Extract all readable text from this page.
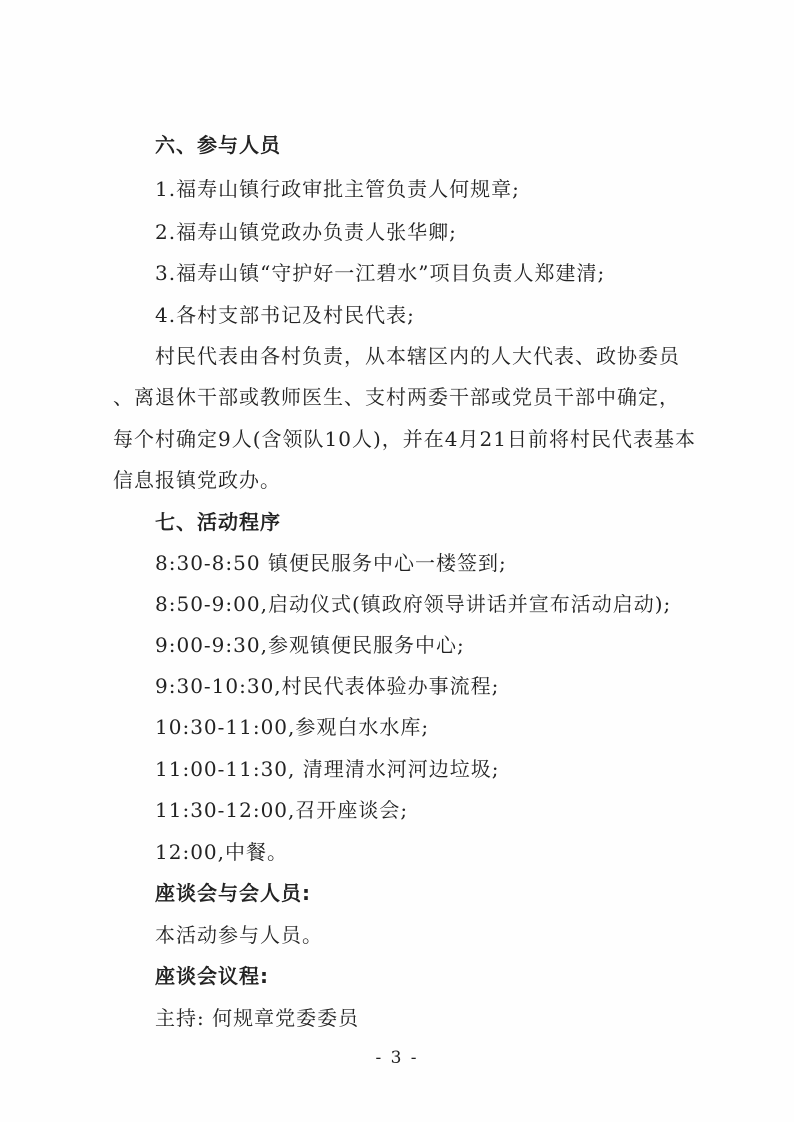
六、参与人员
1.福寿山镇行政审批主管负责人何规章;
2.福寿山镇党政办负责人张华卿;
3.福寿山镇“守护好一江碧水”项目负责人郑建清;
4.各村支部书记及村民代表;
村民代表由各村负责，从本辖区内的人大代表、政协委员
、离退休干部或教师医生、支村两委干部或党员干部中确定，
每个村确定9人(含领队10人)，并在4月21日前将村民代表基本
信息报镇党政办。
七、活动程序
8:30-8:50 镇便民服务中心一楼签到;
8:50-9:00,启动仪式(镇政府领导讲话并宣布活动启动);
9:00-9:30,参观镇便民服务中心;
9:30-10:30,村民代表体验办事流程;
10:30-11:00,参观白水水库;
11:00-11:30, 清理清水河河边垃圾;
11:30-12:00,召开座谈会;
12:00,中餐。
座谈会与会人员:
本活动参与人员。
座谈会议程:
主持: 何规章党委委员
- 3 -
